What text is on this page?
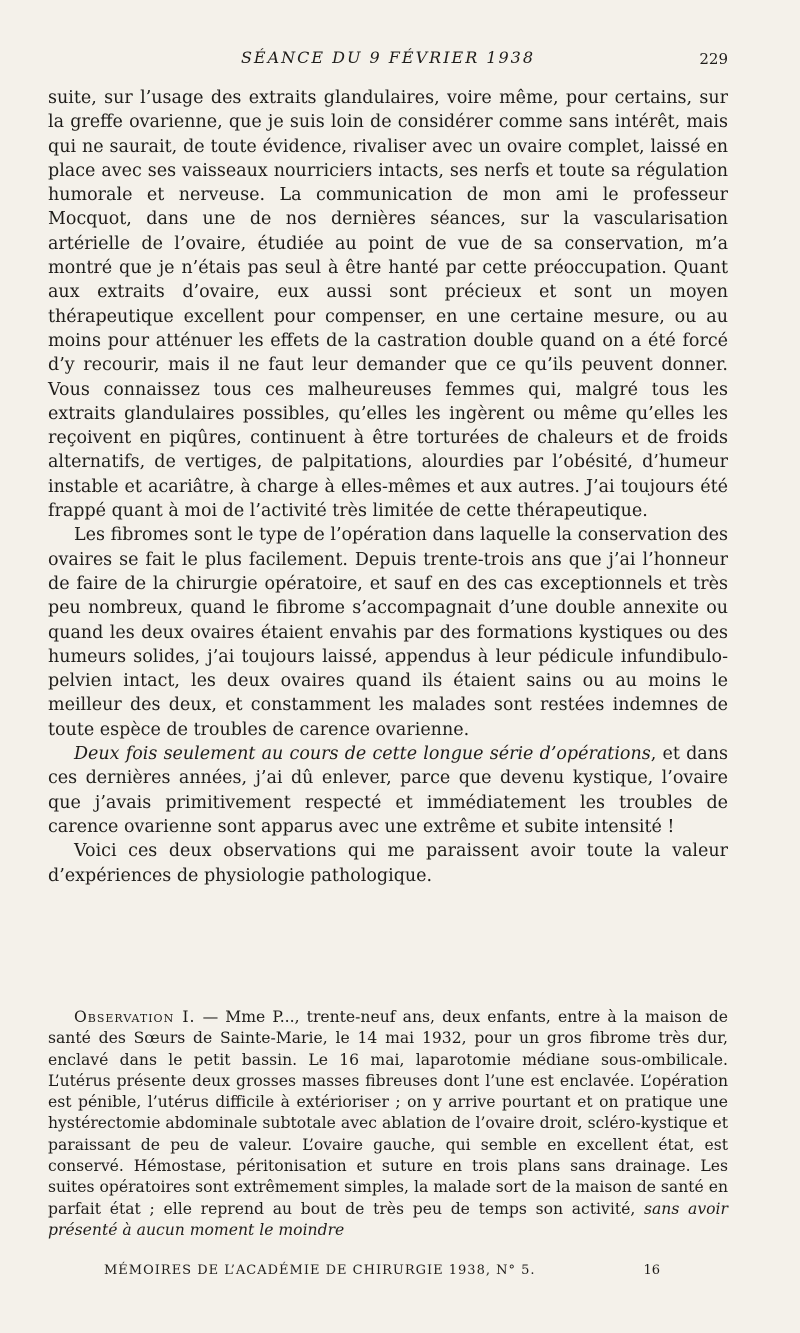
SÉANCE DU 9 FÉVRIER 1938	229

suite, sur l’usage des extraits glandulaires, voire même, pour certains, sur la greffe ovarienne, que je suis loin de considérer comme sans intérêt, mais qui ne saurait, de toute évidence, rivaliser avec un ovaire complet, laissé en place avec ses vaisseaux nourriciers intacts, ses nerfs et toute sa régulation humorale et nerveuse. La communication de mon ami le professeur Mocquot, dans une de nos dernières séances, sur la vascularisation artérielle de l’ovaire, étudiée au point de vue de sa conservation, m’a montré que je n’étais pas seul à être hanté par cette préoccupation. Quant aux extraits d’ovaire, eux aussi sont précieux et sont un moyen thérapeutique excellent pour compenser, en une certaine mesure, ou au moins pour atténuer les effets de la castration double quand on a été forcé d’y recourir, mais il ne faut leur demander que ce qu’ils peuvent donner. Vous connaissez tous ces malheureuses femmes qui, malgré tous les extraits glandulaires possibles, qu’elles les ingèrent ou même qu’elles les reçoivent en piqûres, continuent à être torturées de chaleurs et de froids alternatifs, de vertiges, de palpitations, alourdies par l’obésité, d’humeur instable et acariâtre, à charge à elles-mêmes et aux autres. J’ai toujours été frappé quant à moi de l’activité très limitée de cette thérapeutique.

Les fibromes sont le type de l’opération dans laquelle la conservation des ovaires se fait le plus facilement. Depuis trente-trois ans que j’ai l’honneur de faire de la chirurgie opératoire, et sauf en des cas exceptionnels et très peu nombreux, quand le fibrome s’accompagnait d’une double annexite ou quand les deux ovaires étaient envahis par des formations kystiques ou des humeurs solides, j’ai toujours laissé, appendus à leur pédicule infundibulo-pelvien intact, les deux ovaires quand ils étaient sains ou au moins le meilleur des deux, et constamment les malades sont restées indemnes de toute espèce de troubles de carence ovarienne.

Deux fois seulement au cours de cette longue série d’opérations, et dans ces dernières années, j’ai dû enlever, parce que devenu kystique, l’ovaire que j’avais primitivement respecté et immédiatement les troubles de carence ovarienne sont apparus avec une extrême et subite intensité !

Voici ces deux observations qui me paraissent avoir toute la valeur d’expériences de physiologie pathologique.

Observation I. — Mme P..., trente-neuf ans, deux enfants, entre à la maison de santé des Sœurs de Sainte-Marie, le 14 mai 1932, pour un gros fibrome très dur, enclavé dans le petit bassin. Le 16 mai, laparotomie médiane sous-ombilicale. L’utérus présente deux grosses masses fibreuses dont l’une est enclavée. L’opération est pénible, l’utérus difficile à extérioriser ; on y arrive pourtant et on pratique une hystérectomie abdominale subtotale avec ablation de l’ovaire droit, scléro-kystique et paraissant de peu de valeur. L’ovaire gauche, qui semble en excellent état, est conservé. Hémostase, péritonisation et suture en trois plans sans drainage. Les suites opératoires sont extrêmement simples, la malade sort de la maison de santé en parfait état ; elle reprend au bout de très peu de temps son activité, sans avoir présenté à aucun moment le moindre

MÉMOIRES DE L’ACADÉMIE DE CHIRURGIE 1938, N° 5.	16
